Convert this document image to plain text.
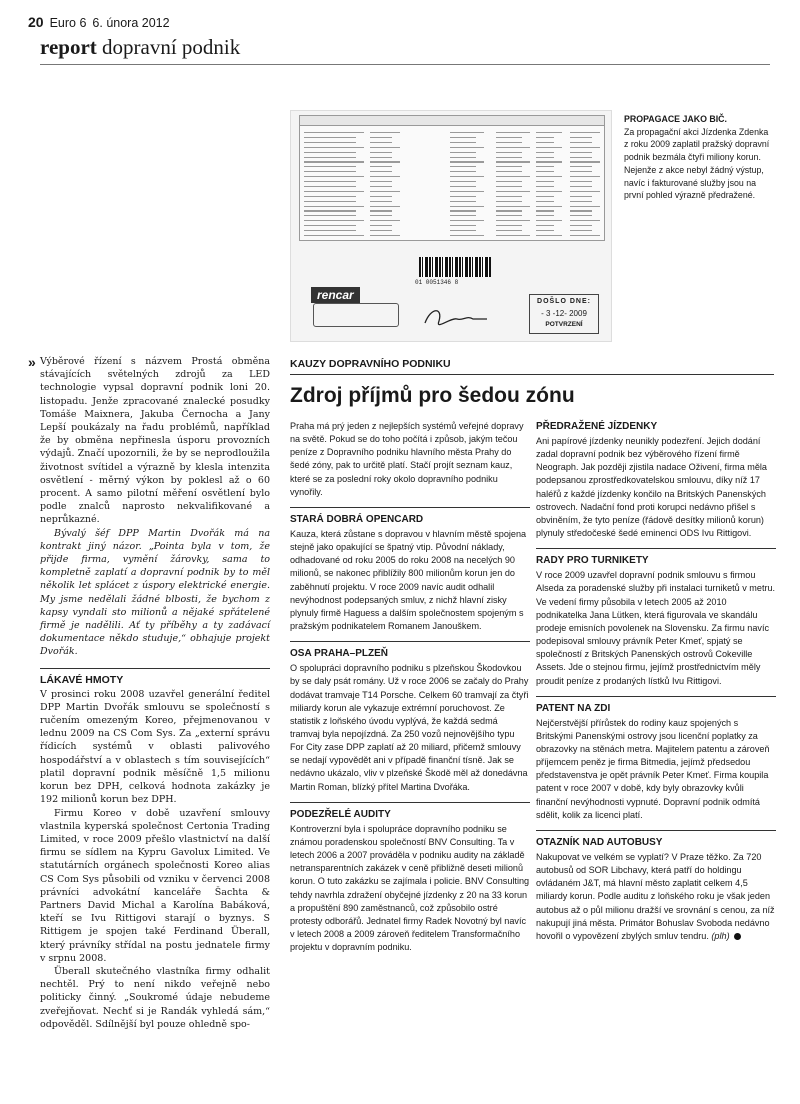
20 Euro 6 6. února 2012
report dopravní podnik
01 0051346 8
rencar	DOŠLO DNE:
- 3 -12- 2009
POTVRZENÍ
PROPAGACE JAKO BIČ.
Za propagační akci Jízdenka Zdenka z roku 2009 zaplatil pražský dopravní podnik bezmála čtyři miliony korun. Nejenže z akce nebyl žádný výstup, navíc i fakturované služby jsou na první pohled výrazně předražené.
» Výběrové řízení s názvem Prostá obměna stávajících světelných zdrojů za LED technologie vypsal dopravní podnik loni 20. listopadu. Jenže zpracované znalecké posudky Tomáše Maixnera, Jakuba Černocha a Jany Lepší poukázaly na řadu problémů, například že by obměna nepřinesla úsporu provozních výdajů. Značí upozornili, že by se neprodloužila životnost svítidel a výrazně by klesla intenzita osvětlení - měrný výkon by poklesl až o 60 procent. A samo pilotní měření osvětlení bylo podle znalců naprosto nekvalifikované a neprůkazné.

Bývalý šéf DPP Martin Dvořák má na kontrakt jiný názor. „Pointa byla v tom, že přijde firma, vymění žárovky, sama to kompletně zaplatí a dopravní podnik by to měl několik let splácet z úspory elektrické energie. My jsme nedělali žádné blbosti, že bychom z kapsy vyndali sto milionů a nějaké spřátelené firmě je nadělili. Ať ty příběhy a ty zadávací dokumentace někdo studuje,“ obhajuje projekt Dvořák.

LÁKAVÉ HMOTY

V prosinci roku 2008 uzavřel generální ředitel DPP Martin Dvořák smlouvu se společností s ručením omezeným Koreo, přejmenovanou v lednu 2009 na CS Com Sys. Za „externí správu řídicích systémů v oblasti palivového hospodářství a v oblastech s tím souvisejících“ platil dopravní podnik měsíčně 1,5 milionu korun bez DPH, celková hodnota zakázky je 192 milionů korun bez DPH.

Firmu Koreo v době uzavření smlouvy vlastnila kyperská společnost Certonia Trading Limited, v roce 2009 přešlo vlastnictví na další firmu se sídlem na Kypru Gavolux Limited. Ve statutárních orgánech společnosti Koreo alias CS Com Sys působili od vzniku v červenci 2008 právníci advokátní kanceláře Šachta & Partners David Michal a Karolína Babáková, kteří se Ivu Rittigovi starají o byznys. S Rittigem je spojen také Ferdinand Überall, který právníky střídal na postu jednatele firmy v srpnu 2008.

Überall skutečného vlastníka firmy odhalit nechtěl. Prý to není nikdo veřejně nebo politicky činný. „Soukromé údaje nebudeme zveřejňovat. Nechť si je Randák vyhledá sám,“ odpověděl. Sdílnější byl pouze ohledně spo-

KAUZY DOPRAVNÍHO PODNIKU
Zdroj příjmů pro šedou zónu

Praha má prý jeden z nejlepších systémů veřejné dopravy na světě. Pokud se do toho počítá i způsob, jakým tečou peníze z Dopravního podniku hlavního města Prahy do šedé zóny, pak to určitě platí. Stačí projít seznam kauz, které se za poslední roky okolo dopravního podniku vynořily.

STARÁ DOBRÁ OPENCARD

Kauza, která zůstane s dopravou v hlavním městě spojena stejně jako opakující se špatný vtip. Původní náklady, odhadované od roku 2005 do roku 2008 na necelých 90 milionů, se nakonec přiblížily 800 milionům korun jen do zaběhnutí projektu. V roce 2009 navíc audit odhalil nevýhodnost podepsaných smluv, z nichž hlavní zisky plynuly firmě Haguess a dalším společnostem spojeným s pražským podnikatelem Romanem Janouškem.

OSA PRAHA–PLZEŇ

O spolupráci dopravního podniku s plzeňskou Škodovkou by se daly psát romány. Už v roce 2006 se začaly do Prahy dodávat tramvaje T14 Porsche. Celkem 60 tramvají za čtyři miliardy korun ale vykazuje extrémní poruchovost. Ze statistik z loňského úvodu vyplývá, že každá sedmá tramvaj byla nepojízdná. Za 250 vozů nejnovějšího typu For City zase DPP zaplatí až 20 miliard, přičemž smlouvy se nedají vypovědět ani v případě finanční tísně. Jak se nedávno ukázalo, vliv v plzeňské Škodě měl až donedávna Martin Roman, blízký přítel Martina Dvořáka.

PODEZŘELÉ AUDITY

Kontroverzní byla i spolupráce dopravního podniku se známou poradenskou společností BNV Consulting. Ta v letech 2006 a 2007 prováděla v podniku audity na základě netransparentních zakázek v ceně přibližně deseti milionů korun. O tuto zakázku se zajímala i policie. BNV Consulting tehdy navrhla zdražení obyčejné jízdenky z 20 na 33 korun a propuštění 890 zaměstnanců, což způsobilo ostré protesty odborářů. Jednatel firmy Radek Novotný byl navíc v letech 2008 a 2009 zároveň ředitelem Transformačního projektu v dopravním podniku.

PŘEDRAŽENÉ JÍZDENKY

Ani papírové jízdenky neunikly podezření. Jejich dodání zadal dopravní podnik bez výběrového řízení firmě Neograph. Jak později zjistila nadace Oživení, firma měla podepsanou zprostředkovatelskou smlouvu, díky níž 17 haléřů z každé jízdenky končilo na Britských Panenských ostrovech. Nadační fond proti korupci nedávno přišel s obviněním, že tyto peníze (řádově desítky milionů korun) plynuly středočeské šedé eminenci ODS Ivu Rittigovi.

RADY PRO TURNIKETY

V roce 2009 uzavřel dopravní podnik smlouvu s firmou Alseda za poradenské služby při instalaci turniketů v metru. Ve vedení firmy působila v letech 2005 až 2010 podnikatelka Jana Lütken, která figurovala ve skandálu prodeje emisních povolenek na Slovensku. Za firmu navíc podepisoval smlouvy právník Peter Kmeť, spjatý se společností z Britských Panenských ostrovů Cokeville Assets. Jde o stejnou firmu, jejímž prostřednictvím měly proudit peníze z prodaných lístků Ivu Rittigovi.

PATENT NA ZDI

Nejčerstvější přírůstek do rodiny kauz spojených s Britskými Panenskými ostrovy jsou licenční poplatky za obrazovky na stěnách metra. Majitelem patentu a zároveň příjemcem peněz je firma Bitmedia, jejímž předsedou představenstva je opět právník Peter Kmeť. Firma koupila patent v roce 2007 v době, kdy byly obrazovky kvůli finanční nevýhodnosti vypnuté. Dopravní podnik odmítá sdělit, kolik za licenci platí.

OTAZNÍK NAD AUTOBUSY

Nakupovat ve velkém se vyplatí? V Praze těžko. Za 720 autobusů od SOR Libchavy, která patří do holdingu ovládaném J&T, má hlavní město zaplatit celkem 4,5 miliardy korun. Podle auditu z loňského roku je však jeden autobus až o půl milionu dražší ve srovnání s cenou, za níž nakupují jiná města. Primátor Bohuslav Svoboda nedávno hovořil o vypovězení zbylých smluv tendru. (plh)
